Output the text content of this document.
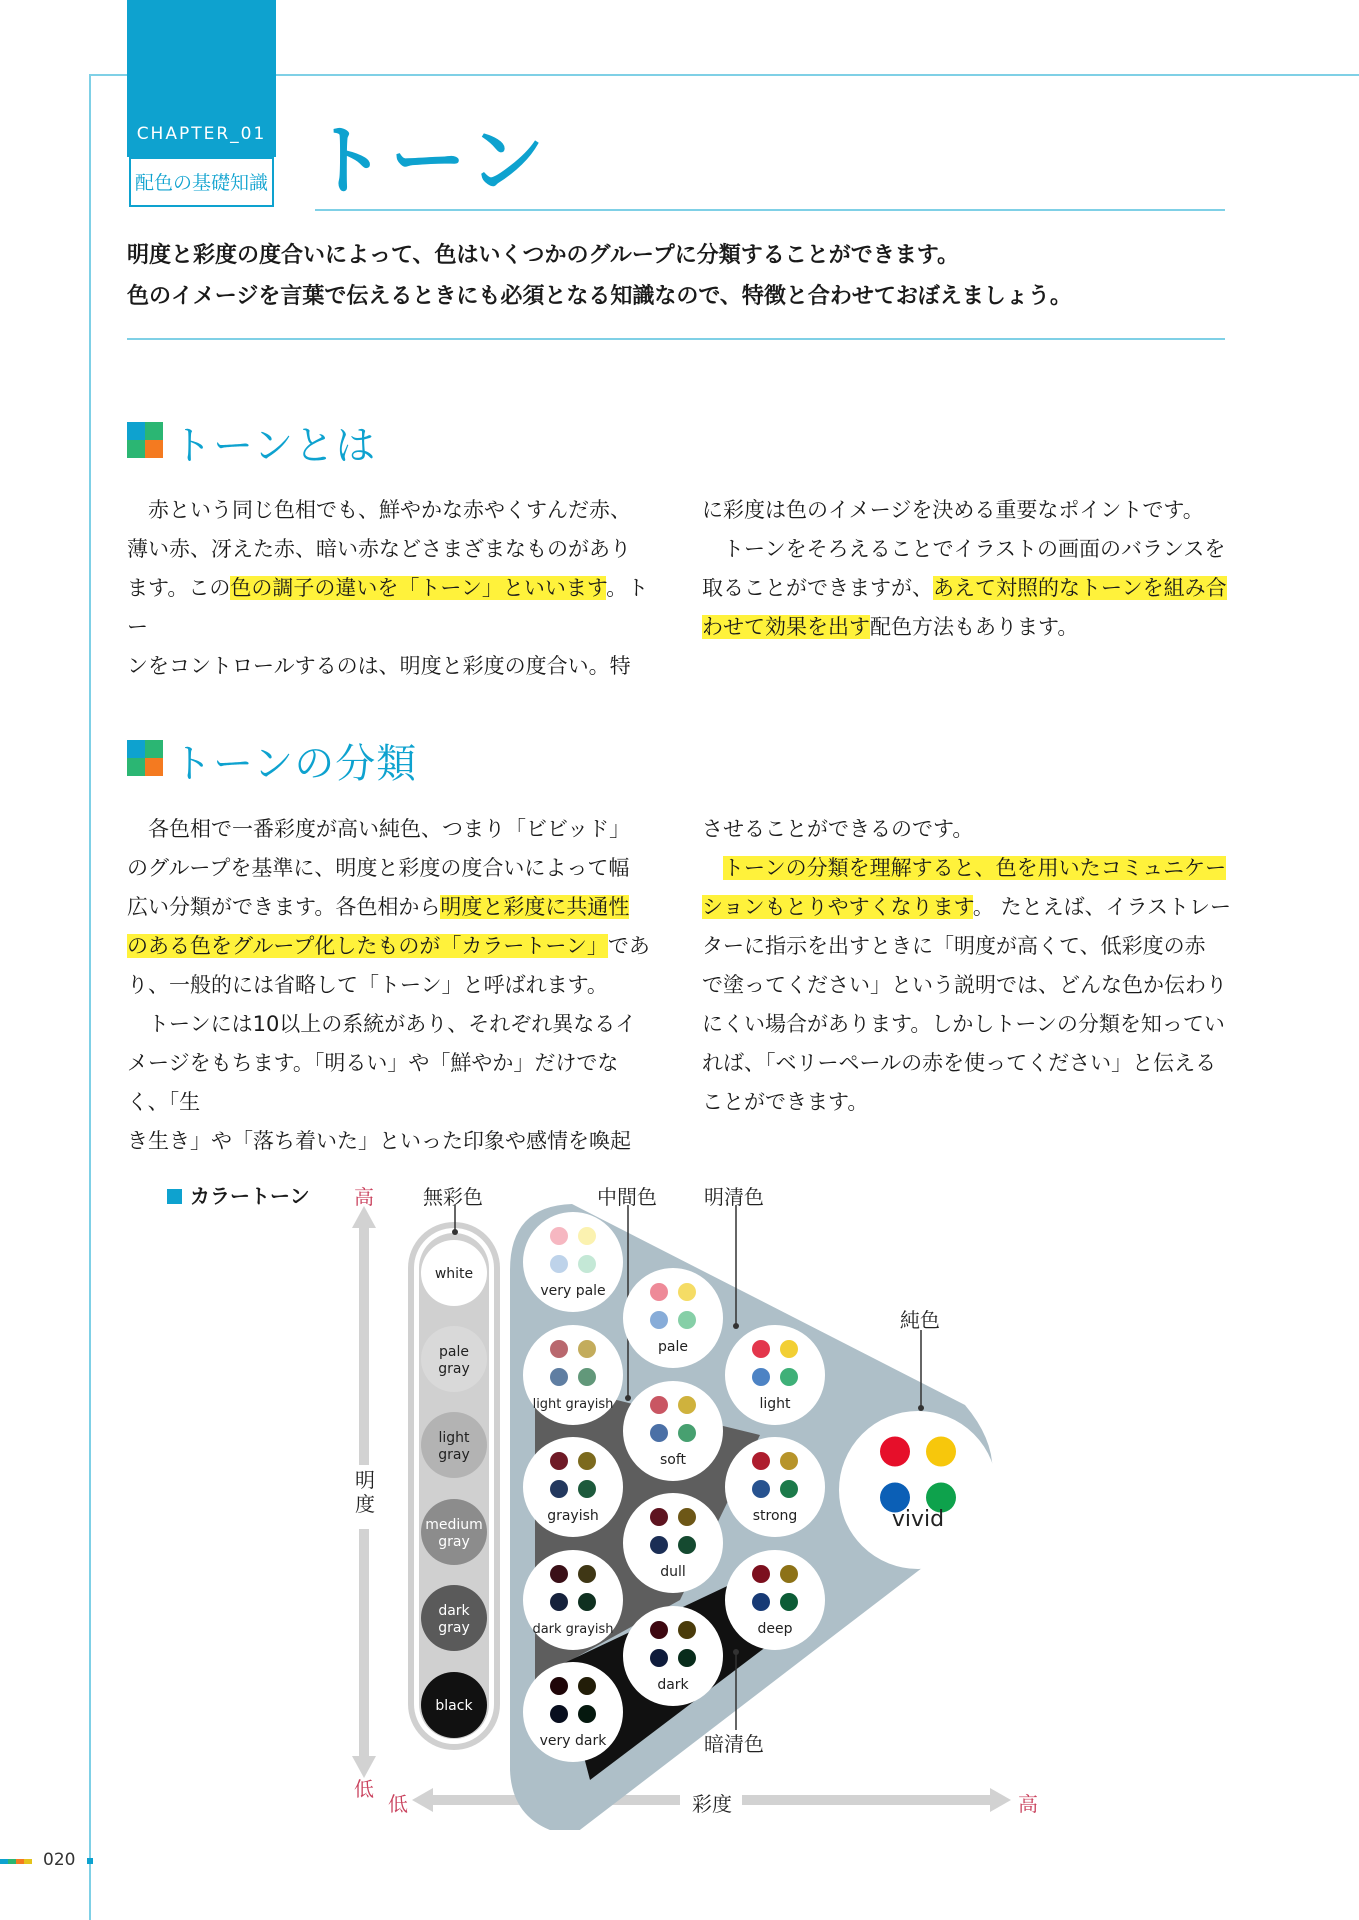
CHAPTER_01
配色の基礎知識 トーン
明度と彩度の度合いによって、色はいくつかのグループに分類することができます。
色のイメージを言葉で伝えるときにも必須となる知識なので、特徴と合わせておぼえましょう。
トーンとは
　赤という同じ色相でも、鮮やかな赤やくすんだ赤、
薄い赤、冴えた赤、暗い赤などさまざまなものがあり
ます。この色の調子の違いを「トーン」といいます。トー
ンをコントロールするのは、明度と彩度の度合い。特
に彩度は色のイメージを決める重要なポイントです。
　トーンをそろえることでイラストの画面のバランスを
取ることができますが、あえて対照的なトーンを組み合
わせて効果を出す配色方法もあります。
トーンの分類
　各色相で一番彩度が高い純色、つまり「ビビッド」
のグループを基準に、明度と彩度の度合いによって幅
広い分類ができます。各色相から明度と彩度に共通性
のある色をグループ化したものが「カラートーン」であ
り、一般的には省略して「トーン」と呼ばれます。
　トーンには10以上の系統があり、それぞれ異なるイ
メージをもちます。「明るい」や「鮮やか」だけでなく、「生
き生き」や「落ち着いた」といった印象や感情を喚起
させることができるのです。
　トーンの分類を理解すると、色を用いたコミュニケー
ションもとりやすくなります。 たとえば、イラストレー
ターに指示を出すときに「明度が高くて、低彩度の赤
で塗ってください」という説明では、どんな色か伝わり
にくい場合があります。しかしトーンの分類を知ってい
れば、「ベリーペールの赤を使ってください」と伝える
ことができます。
カラートーン
white
pale
gray
light
gray
medium
gray
dark
gray
black
very pale
pale
light grayish	light
soft
grayish	strong
dull
dark grayish	deep
dark
very dark
vivid
高 無彩色	中間色 明清色
純色
暗清色
明
度
低
低	彩度	高
020
